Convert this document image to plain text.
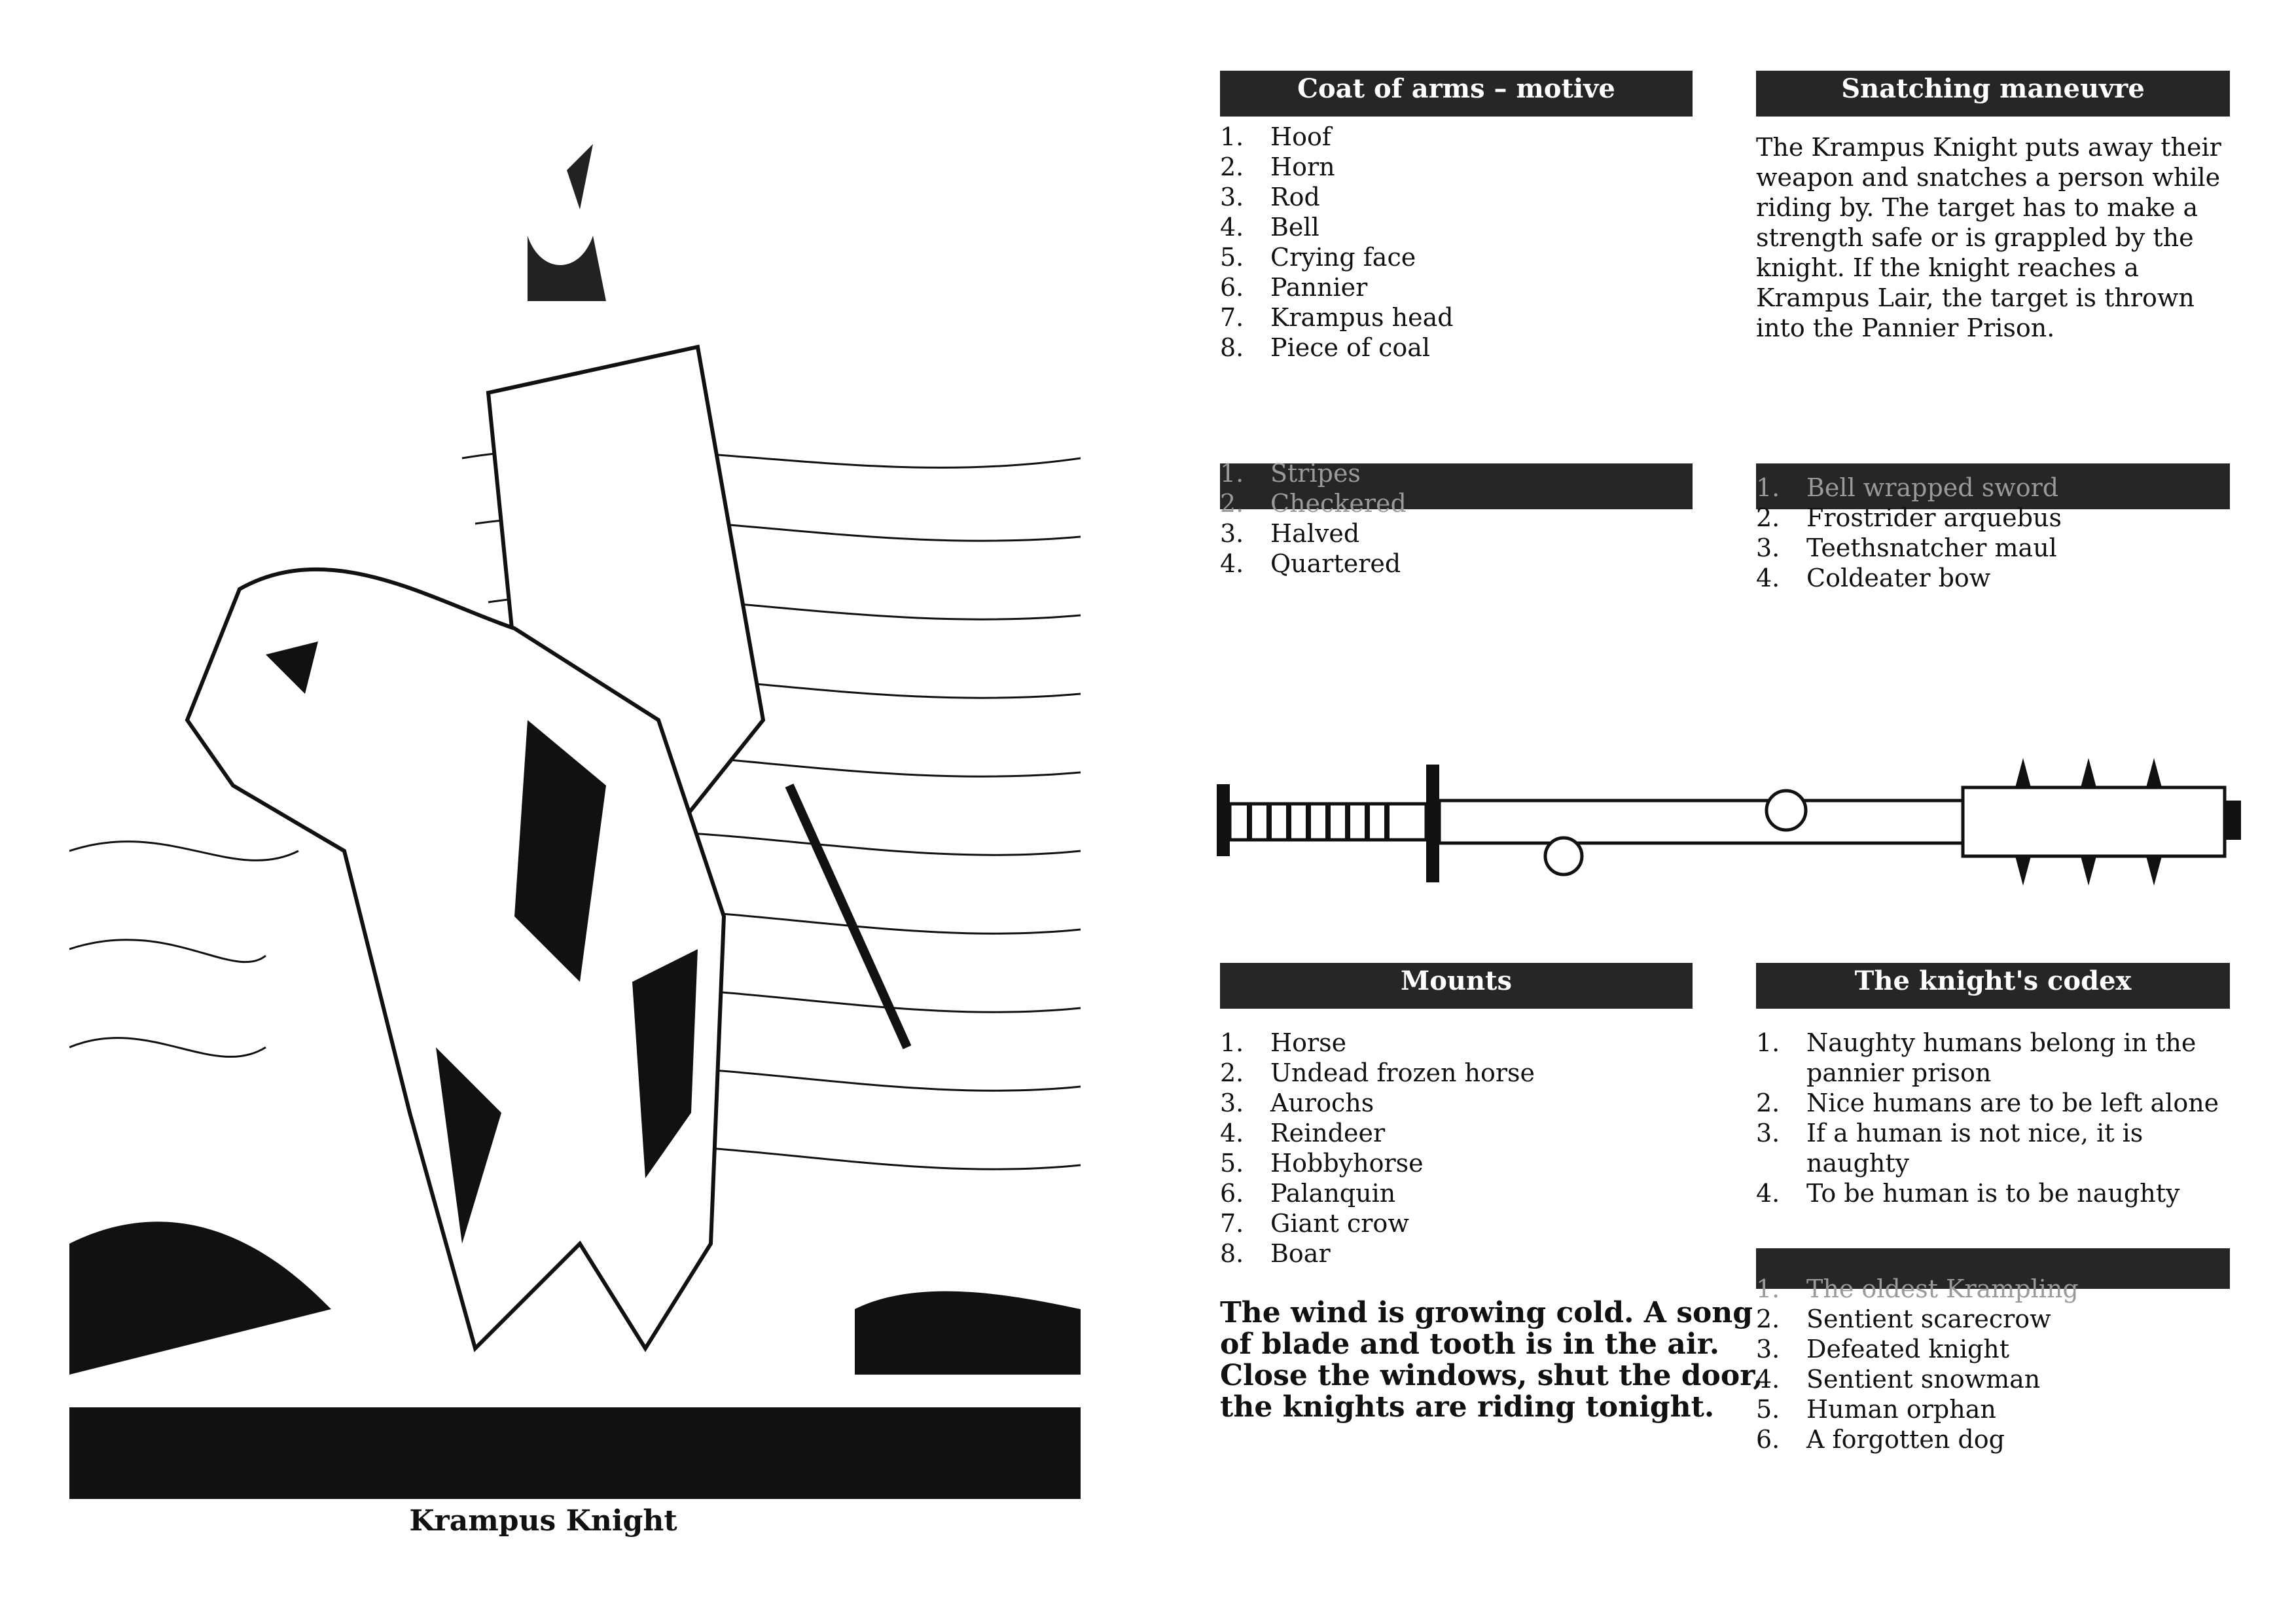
Krampus Knight
Coat of arms – motive
1.	Hoof
2.	Horn
3.	Rod
4.	Bell
5.	Crying face
6.	Pannier
7.	Krampus head
8.	Piece of coal
Snatching maneuvre
The Krampus Knight puts away their weapon and snatches a person while riding by. The target has to make a strength safe or is grappled by the knight. If the knight reaches a Krampus Lair, the target is thrown into the Pannier Prison.
1.	Stripes
2.	Checkered
3.	Halved
4.	Quartered
1.	Bell wrapped sword
2.	Frostrider arquebus
3.	Teethsnatcher maul
4.	Coldeater bow
Mounts
1.	Horse
2.	Undead frozen horse
3.	Aurochs
4.	Reindeer
5.	Hobbyhorse
6.	Palanquin
7.	Giant crow
8.	Boar
The wind is growing cold. A song
of blade and tooth is in the air.
Close the windows, shut the door,
the knights are riding tonight.
The knight's codex
1.	Naughty humans belong in the pannier prison
2.	Nice humans are to be left alone
3.	If a human is not nice, it is naughty
4.	To be human is to be naughty
1.	The oldest Krampling
2.	Sentient scarecrow
3.	Defeated knight
4.	Sentient snowman
5.	Human orphan
6.	A forgotten dog
